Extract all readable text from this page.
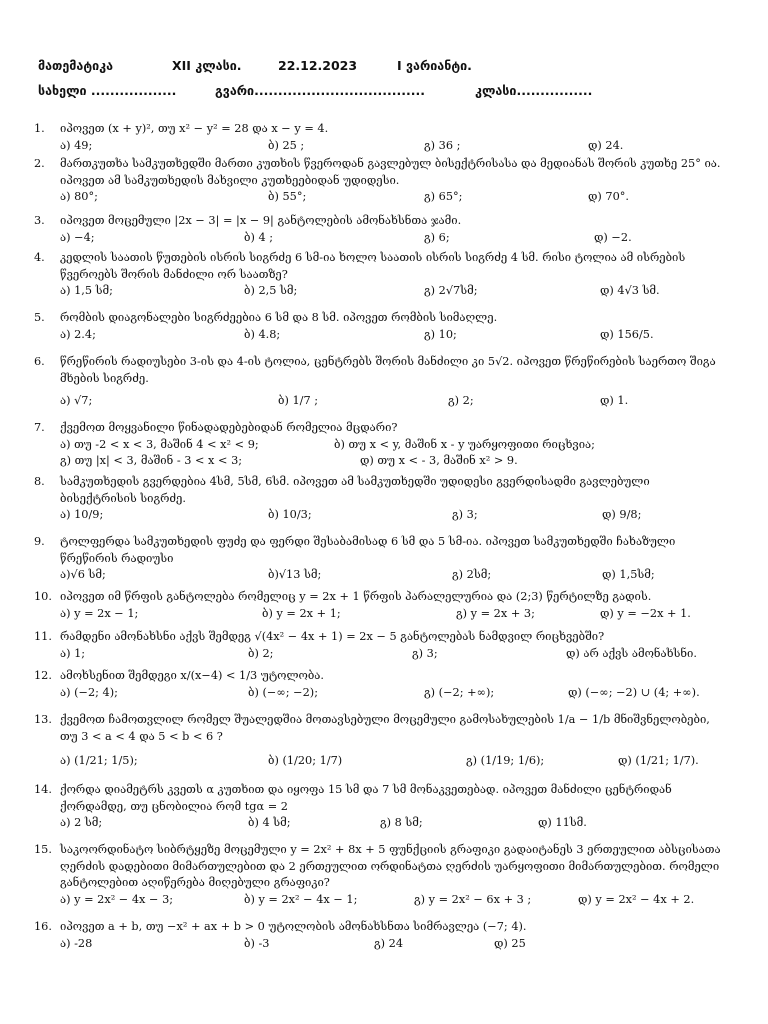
მათემატიკა	XII კლასი.	22.12.2023	I ვარიანტი.
სახელი ..................	გვარი....................................	კლასი................
1.	იპოვეთ (x + y)², თუ x² − y² = 28 და x − y = 4.
ა) 49;	ბ) 25 ;	გ) 36 ;	დ) 24.
2.	მართკუთხა სამკუთხედში მართი კუთხის წვეროდან გავლებულ ბისექტრისასა და მედიანას შორის კუთხე 25° ია. იპოვეთ ამ სამკუთხედის მახვილი კუთხეებიდან უდიდესი.
ა) 80°;	ბ) 55°;	გ) 65°;	დ) 70°.
3.	იპოვეთ მოცემული |2x − 3| = |x − 9| განტოლების ამონახსნთა ჯამი.
ა) −4;	ბ) 4 ;	გ) 6;	დ) −2.
4.	კედლის საათის წუთების ისრის სიგრძე 6 სმ-ია ხოლო საათის ისრის სიგრძე 4 სმ. რისი ტოლია ამ ისრების წვეროებს შორის მანძილი ორ საათზე?
ა) 1,5 სმ;	ბ) 2,5 სმ;	გ) 2√7სმ;	დ) 4√3 სმ.
5.	რომბის დიაგონალები სიგრძეებია 6 სმ და 8 სმ. იპოვეთ რომბის სიმაღლე.
ა) 2.4;	ბ) 4.8;	გ) 10;	დ) 156/5.
6.	წრეწირის რადიუსები 3-ის და 4-ის ტოლია, ცენტრებს შორის მანძილი კი 5√2. იპოვეთ წრეწირების საერთო შიგა მხების სიგრძე.
ა) √7;	ბ) 1/7 ;	გ) 2;	დ) 1.
7.	ქვემოთ მოყვანილი წინადადებებიდან რომელია მცდარი?
ა) თუ -2 < x < 3, მაშინ 4 < x² < 9;	ბ) თუ x < y, მაშინ x - y უარყოფითი რიცხვია;
გ) თუ |x| < 3, მაშინ - 3 < x < 3;	დ) თუ x < - 3, მაშინ x² > 9.
8.	სამკუთხედის გვერდებია 4სმ, 5სმ, 6სმ. იპოვეთ ამ სამკუთხედში უდიდესი გვერდისადმი გავლებული ბისექტრისის სიგრძე.
ა) 10/9;	ბ) 10/3;	გ) 3;	დ) 9/8;
9.	ტოლფერდა სამკუთხედის ფუძე და ფერდი შესაბამისად 6 სმ და 5 სმ-ია. იპოვეთ სამკუთხედში ჩახაზული წრეწირის რადიუსი
ა)√6 სმ;	ბ)√13 სმ;	გ) 2სმ;	დ) 1,5სმ;
10. იპოვეთ იმ წრფის განტოლება რომელიც y = 2x + 1 წრფის პარალელურია და (2;3) წერტილზე გადის.
ა) y = 2x − 1;	ბ) y = 2x + 1;	გ) y = 2x + 3;	დ) y = −2x + 1.
11. რამდენი ამონახსნი აქვს შემდეგ √(4x² − 4x + 1) = 2x − 5 განტოლებას ნამდვილ რიცხვებში?
ა) 1;	ბ) 2;	გ) 3;	დ) არ აქვს ამონახსნი.
12. ამოხსენით შემდეგი x/(x−4) < 1/3 უტოლობა.
ა) (−2; 4);	ბ) (−∞; −2);	გ) (−2; +∞);	დ) (−∞; −2) ∪ (4; +∞).
13. ქვემოთ ჩამოთვლილ რომელ შუალედშია მოთავსებული მოცემული გამოსახულების 1/a − 1/b მნიშვნელობები, თუ 3 < a < 4 და 5 < b < 6 ?
ა) (1/21; 1/5);	ბ) (1/20; 1/7)	გ) (1/19; 1/6);	დ) (1/21; 1/7).
14. ქორდა დიამეტრს კვეთს α კუთხით და იყოფა 15 სმ და 7 სმ მონაკვეთებად. იპოვეთ მანძილი ცენტრიდან ქორდამდე, თუ ცნობილია რომ tgα = 2
ა) 2 სმ;	ბ) 4 სმ;	გ) 8 სმ;	დ) 11სმ.
15. საკოორდინატო სიბრტყეზე მოცემული y = 2x² + 8x + 5 ფუნქციის გრაფიკი გადაიტანეს 3 ერთეულით აბსცისათა ღერძის დადებითი მიმართულებით და 2 ერთეულით ორდინატთა ღერძის უარყოფითი მიმართულებით. რომელი განტოლებით აღიწერება მიღებული გრაფიკი?
ა) y = 2x² − 4x − 3;	ბ) y = 2x² − 4x − 1;	გ) y = 2x² − 6x + 3 ;	დ) y = 2x² − 4x + 2.
16. იპოვეთ a + b, თუ −x² + ax + b > 0 უტოლობის ამონახსნთა სიმრავლეა (−7; 4).
ა) -28	ბ) -3	გ) 24	დ) 25
